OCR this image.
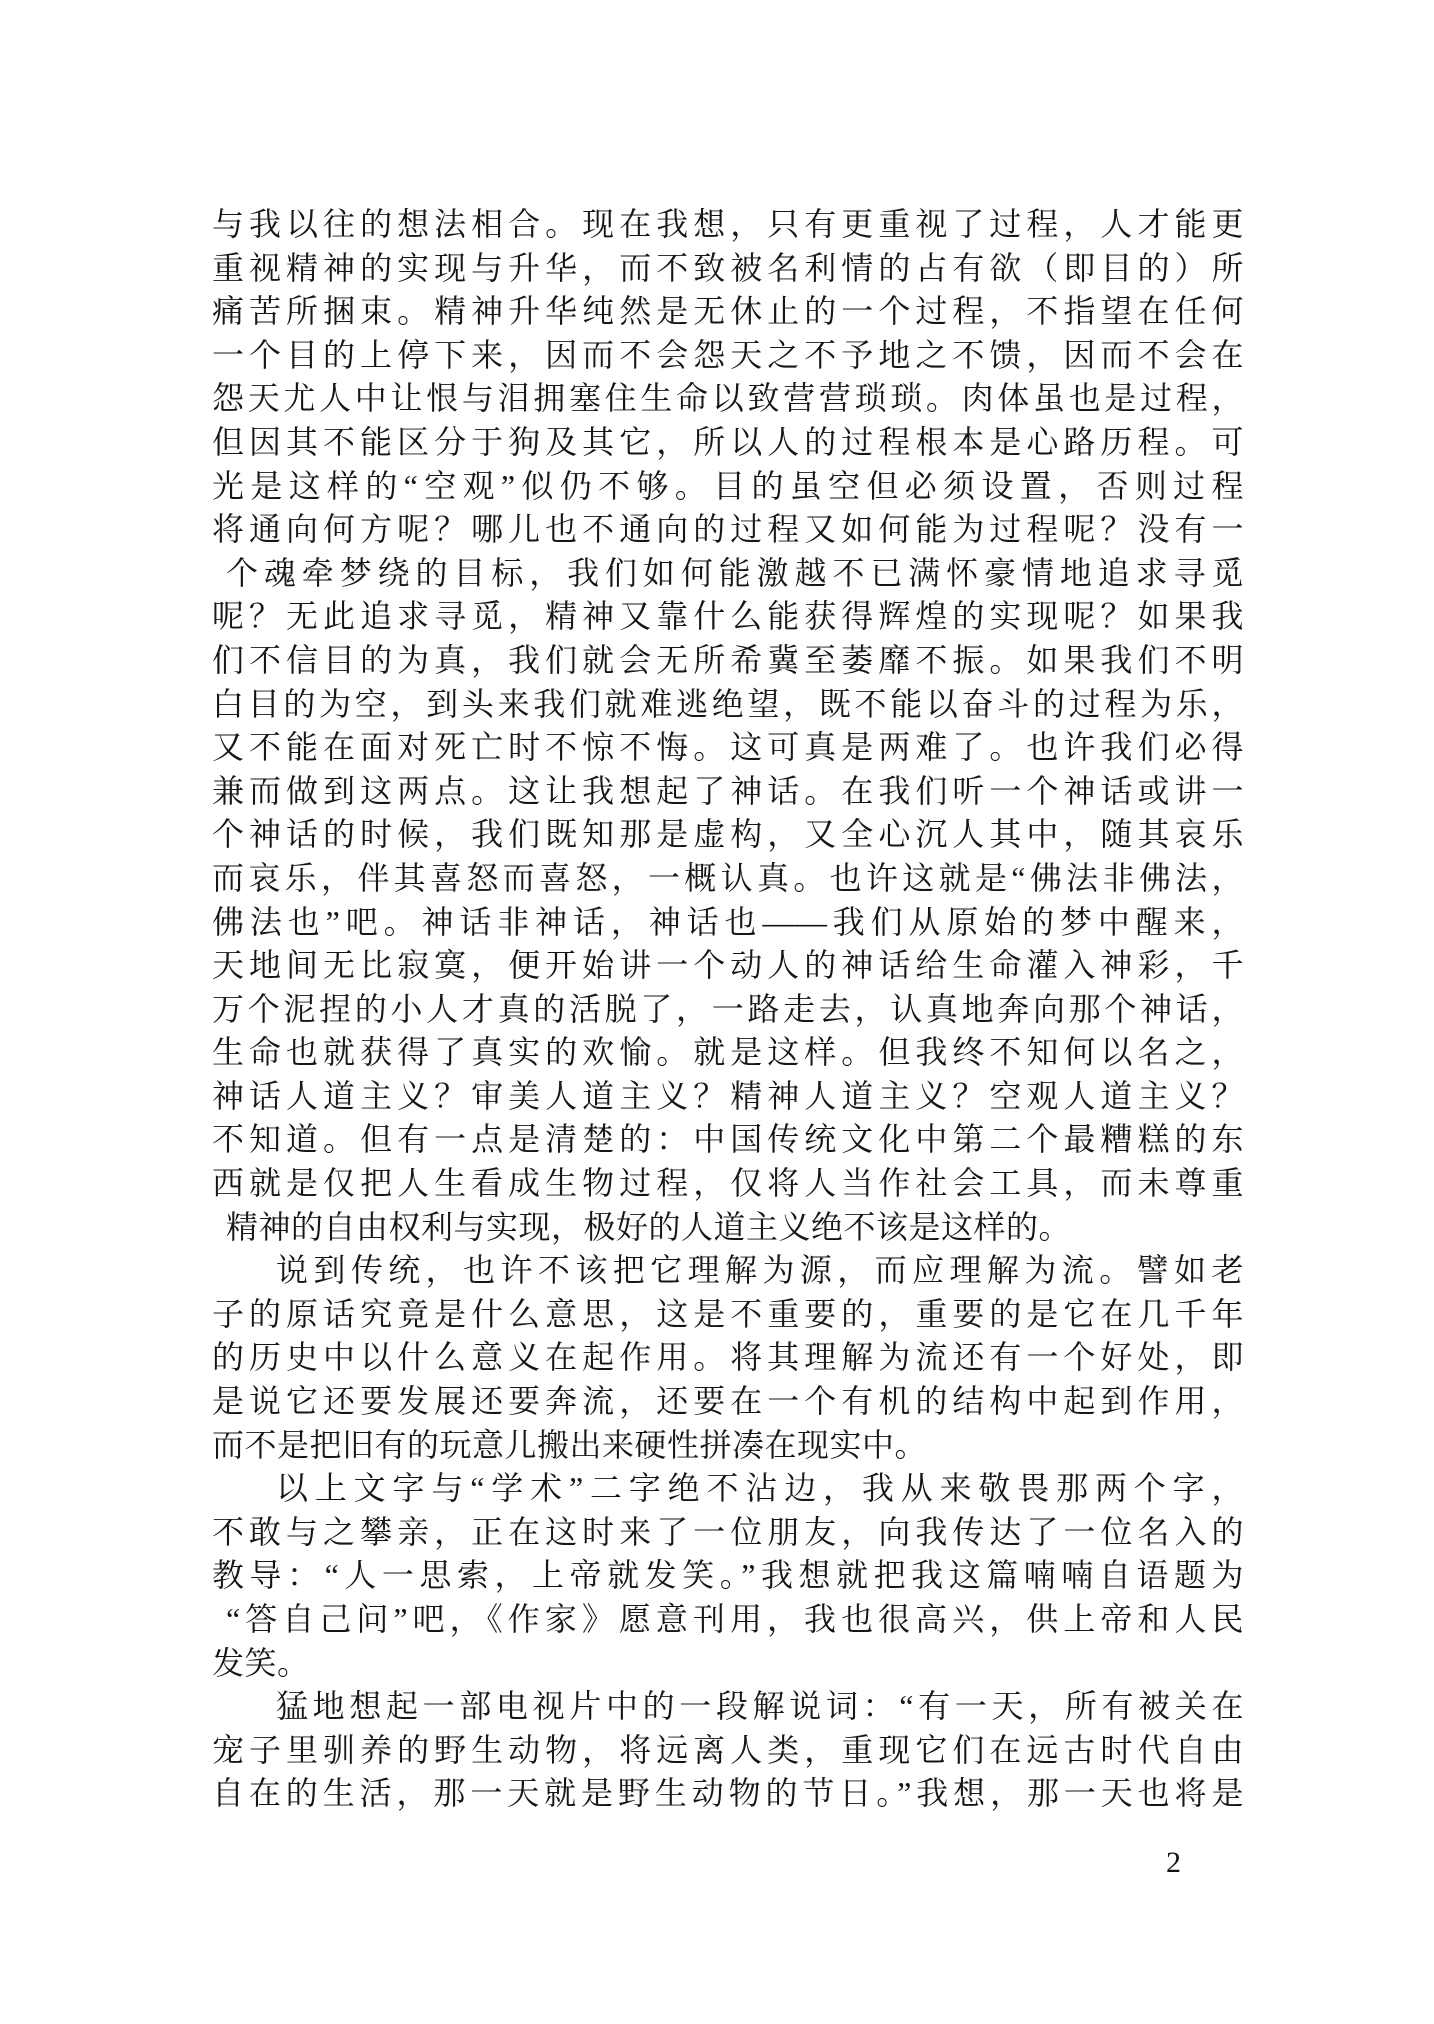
与我以往的想法相合。现在我想，只有更重视了过程，人才能更
重视精神的实现与升华，而不致被名利情的占有欲（即目的）所
痛苦所捆束。精神升华纯然是无休止的一个过程，不指望在任何
一个目的上停下来，因而不会怨天之不予地之不馈，因而不会在
怨天尤人中让恨与泪拥塞住生命以致营营琐琐。肉体虽也是过程，
但因其不能区分于狗及其它，所以人的过程根本是心路历程。可
光是这样的“空观”似仍不够。目的虽空但必须设置，否则过程
将通向何方呢？哪儿也不通向的过程又如何能为过程呢？没有一
个魂牵梦绕的目标，我们如何能激越不已满怀豪情地追求寻觅
呢？无此追求寻觅，精神又靠什么能获得辉煌的实现呢？如果我
们不信目的为真，我们就会无所希冀至萎靡不振。如果我们不明
白目的为空，到头来我们就难逃绝望，既不能以奋斗的过程为乐，
又不能在面对死亡时不惊不悔。这可真是两难了。也许我们必得
兼而做到这两点。这让我想起了神话。在我们听一个神话或讲一
个神话的时候，我们既知那是虚构，又全心沉人其中，随其哀乐
而哀乐，伴其喜怒而喜怒，一概认真。也许这就是“佛法非佛法，
佛法也”吧。神话非神话，神话也——我们从原始的梦中醒来，
天地间无比寂寞，便开始讲一个动人的神话给生命灌入神彩，千
万个泥捏的小人才真的活脱了，一路走去，认真地奔向那个神话，
生命也就获得了真实的欢愉。就是这样。但我终不知何以名之，
神话人道主义？审美人道主义？精神人道主义？空观人道主义？
不知道。但有一点是清楚的：中国传统文化中第二个最糟糕的东
西就是仅把人生看成生物过程，仅将人当作社会工具，而未尊重
精神的自由权利与实现，极好的人道主义绝不该是这样的。
说到传统，也许不该把它理解为源，而应理解为流。譬如老
子的原话究竟是什么意思，这是不重要的，重要的是它在几千年
的历史中以什么意义在起作用。将其理解为流还有一个好处，即
是说它还要发展还要奔流，还要在一个有机的结构中起到作用，
而不是把旧有的玩意儿搬出来硬性拼凑在现实中。
以上文字与“学术”二字绝不沾边，我从来敬畏那两个字，
不敢与之攀亲，正在这时来了一位朋友，向我传达了一位名入的
教导：“人一思索，上帝就发笑。”我想就把我这篇喃喃自语题为
“答自己问”吧，《作家》愿意刊用，我也很高兴，供上帝和人民
发笑。
猛地想起一部电视片中的一段解说词：“有一天，所有被关在
宠子里驯养的野生动物，将远离人类，重现它们在远古时代自由
自在的生活，那一天就是野生动物的节日。”我想，那一天也将是
2
